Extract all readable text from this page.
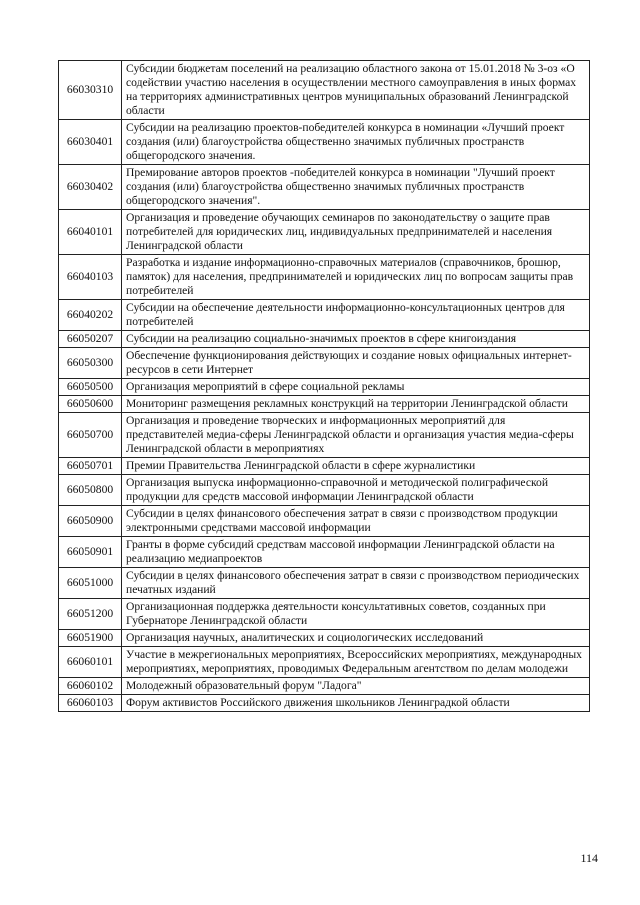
66030310	Субсидии бюджетам поселений на реализацию областного закона от 15.01.2018 № 3-оз «О содействии участию населения в осуществлении местного самоуправления в иных формах на территориях административных центров муниципальных образований Ленинградской области
66030401	Субсидии на реализацию проектов-победителей конкурса в номинации «Лучший проект создания (или) благоустройства общественно значимых публичных пространств общегородского значения.
66030402	Премирование авторов проектов -победителей конкурса в номинации "Лучший проект создания (или) благоустройства общественно значимых публичных пространств общегородского значения".
66040101	Организация и проведение обучающих семинаров по законодательству о защите прав потребителей для юридических лиц, индивидуальных предпринимателей и населения Ленинградской области
66040103	Разработка и издание информационно-справочных материалов (справочников, брошюр, памяток) для населения, предпринимателей и юридических лиц по вопросам защиты прав потребителей
66040202	Субсидии на обеспечение деятельности информационно-консультационных центров для потребителей
66050207	Субсидии на реализацию социально-значимых проектов в сфере книгоиздания
66050300	Обеспечение функционирования действующих и создание новых официальных интернет-ресурсов в сети Интернет
66050500	Организация мероприятий в сфере социальной рекламы
66050600	Мониторинг размещения рекламных конструкций на территории Ленинградской области
66050700	Организация и проведение творческих и информационных мероприятий для представителей медиа-сферы Ленинградской области и организация участия медиа-сферы Ленинградской области в мероприятиях
66050701	Премии Правительства Ленинградской области в сфере журналистики
66050800	Организация выпуска информационно-справочной и методической полиграфической продукции для средств массовой информации Ленинградской области
66050900	Субсидии в целях финансового обеспечения затрат в связи с производством продукции электронными средствами массовой информации
66050901	Гранты в форме субсидий средствам массовой информации Ленинградской области на реализацию медиапроектов
66051000	Субсидии в целях финансового обеспечения затрат в связи с производством периодических печатных изданий
66051200	Организационная поддержка деятельности консультативных советов, созданных при Губернаторе Ленинградской области
66051900	Организация научных, аналитических и социологических исследований
66060101	Участие в межрегиональных мероприятиях, Всероссийских мероприятиях, международных мероприятиях, мероприятиях, проводимых Федеральным агентством по делам молодежи
66060102	Молодежный образовательный форум "Ладога"
66060103	Форум активистов Российского движения школьников Ленинградкой области
114
